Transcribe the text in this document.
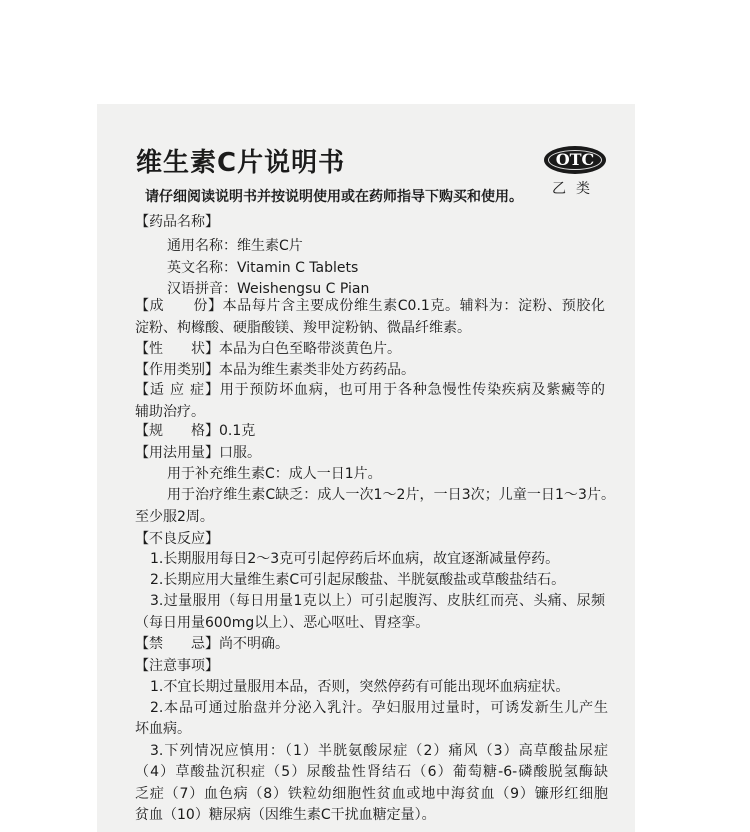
维生素C片说明书	OTC
乙类
请仔细阅读说明书并按说明使用或在药师指导下购买和使用。
【药品名称】
通用名称：维生素C片
英文名称：Vitamin C Tablets
汉语拼音：Weishengsu C Pian
【成　　份】本品每片含主要成份维生素C0.1克。辅料为：淀粉、预胶化
淀粉、枸橼酸、硬脂酸镁、羧甲淀粉钠、微晶纤维素。
【性　　状】本品为白色至略带淡黄色片。
【作用类别】本品为维生素类非处方药药品。
【适 应 症】用于预防坏血病，也可用于各种急慢性传染疾病及紫癜等的
辅助治疗。
【规　　格】0.1克
【用法用量】口服。
用于补充维生素C：成人一日1片。
用于治疗维生素C缺乏：成人一次1～2片，一日3次；儿童一日1～3片。
至少服2周。
【不良反应】
1.长期服用每日2～3克可引起停药后坏血病，故宜逐渐减量停药。
2.长期应用大量维生素C可引起尿酸盐、半胱氨酸盐或草酸盐结石。
3.过量服用（每日用量1克以上）可引起腹泻、皮肤红而亮、头痛、尿频
（每日用量600mg以上）、恶心呕吐、胃痉挛。
【禁　　忌】尚不明确。
【注意事项】
1.不宜长期过量服用本品，否则，突然停药有可能出现坏血病症状。
2.本品可通过胎盘并分泌入乳汁。孕妇服用过量时，可诱发新生儿产生
坏血病。
3.下列情况应慎用：（1）半胱氨酸尿症（2）痛风（3）高草酸盐尿症
（4）草酸盐沉积症（5）尿酸盐性肾结石（6）葡萄糖-6-磷酸脱氢酶缺
乏症（7）血色病（8）铁粒幼细胞性贫血或地中海贫血（9）镰形红细胞
贫血（10）糖尿病（因维生素C干扰血糖定量）。
